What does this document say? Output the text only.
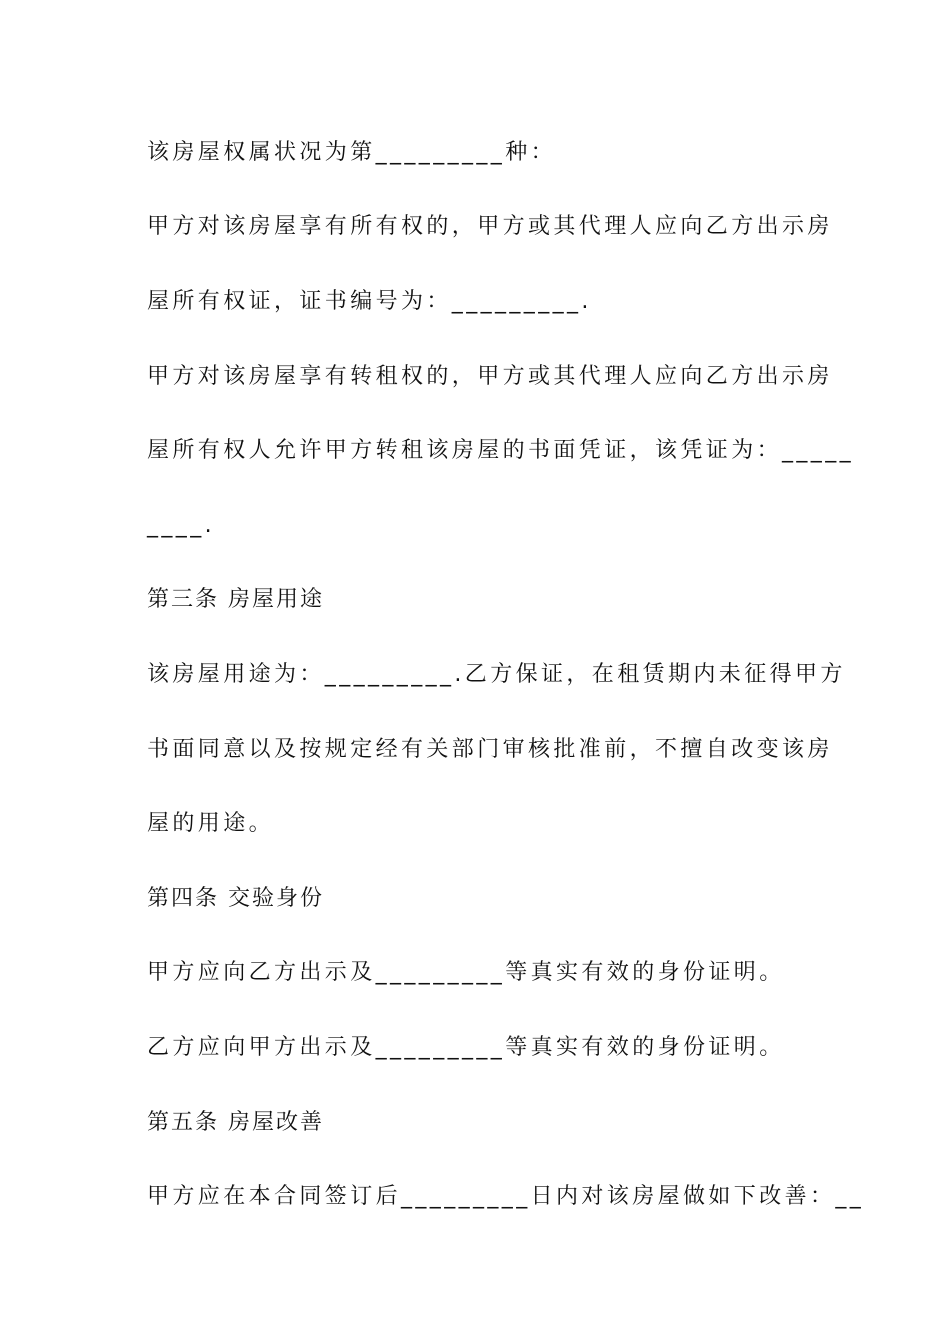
该房屋权属状况为第_________种：
甲方对该房屋享有所有权的，甲方或其代理人应向乙方出示房
屋所有权证，证书编号为：_________.
甲方对该房屋享有转租权的，甲方或其代理人应向乙方出示房
屋所有权人允许甲方转租该房屋的书面凭证，该凭证为：_____
____.
第三条 房屋用途
该房屋用途为：_________.乙方保证，在租赁期内未征得甲方
书面同意以及按规定经有关部门审核批准前，不擅自改变该房
屋的用途。
第四条 交验身份
甲方应向乙方出示及_________等真实有效的身份证明。
乙方应向甲方出示及_________等真实有效的身份证明。
第五条 房屋改善
甲方应在本合同签订后_________日内对该房屋做如下改善：__
